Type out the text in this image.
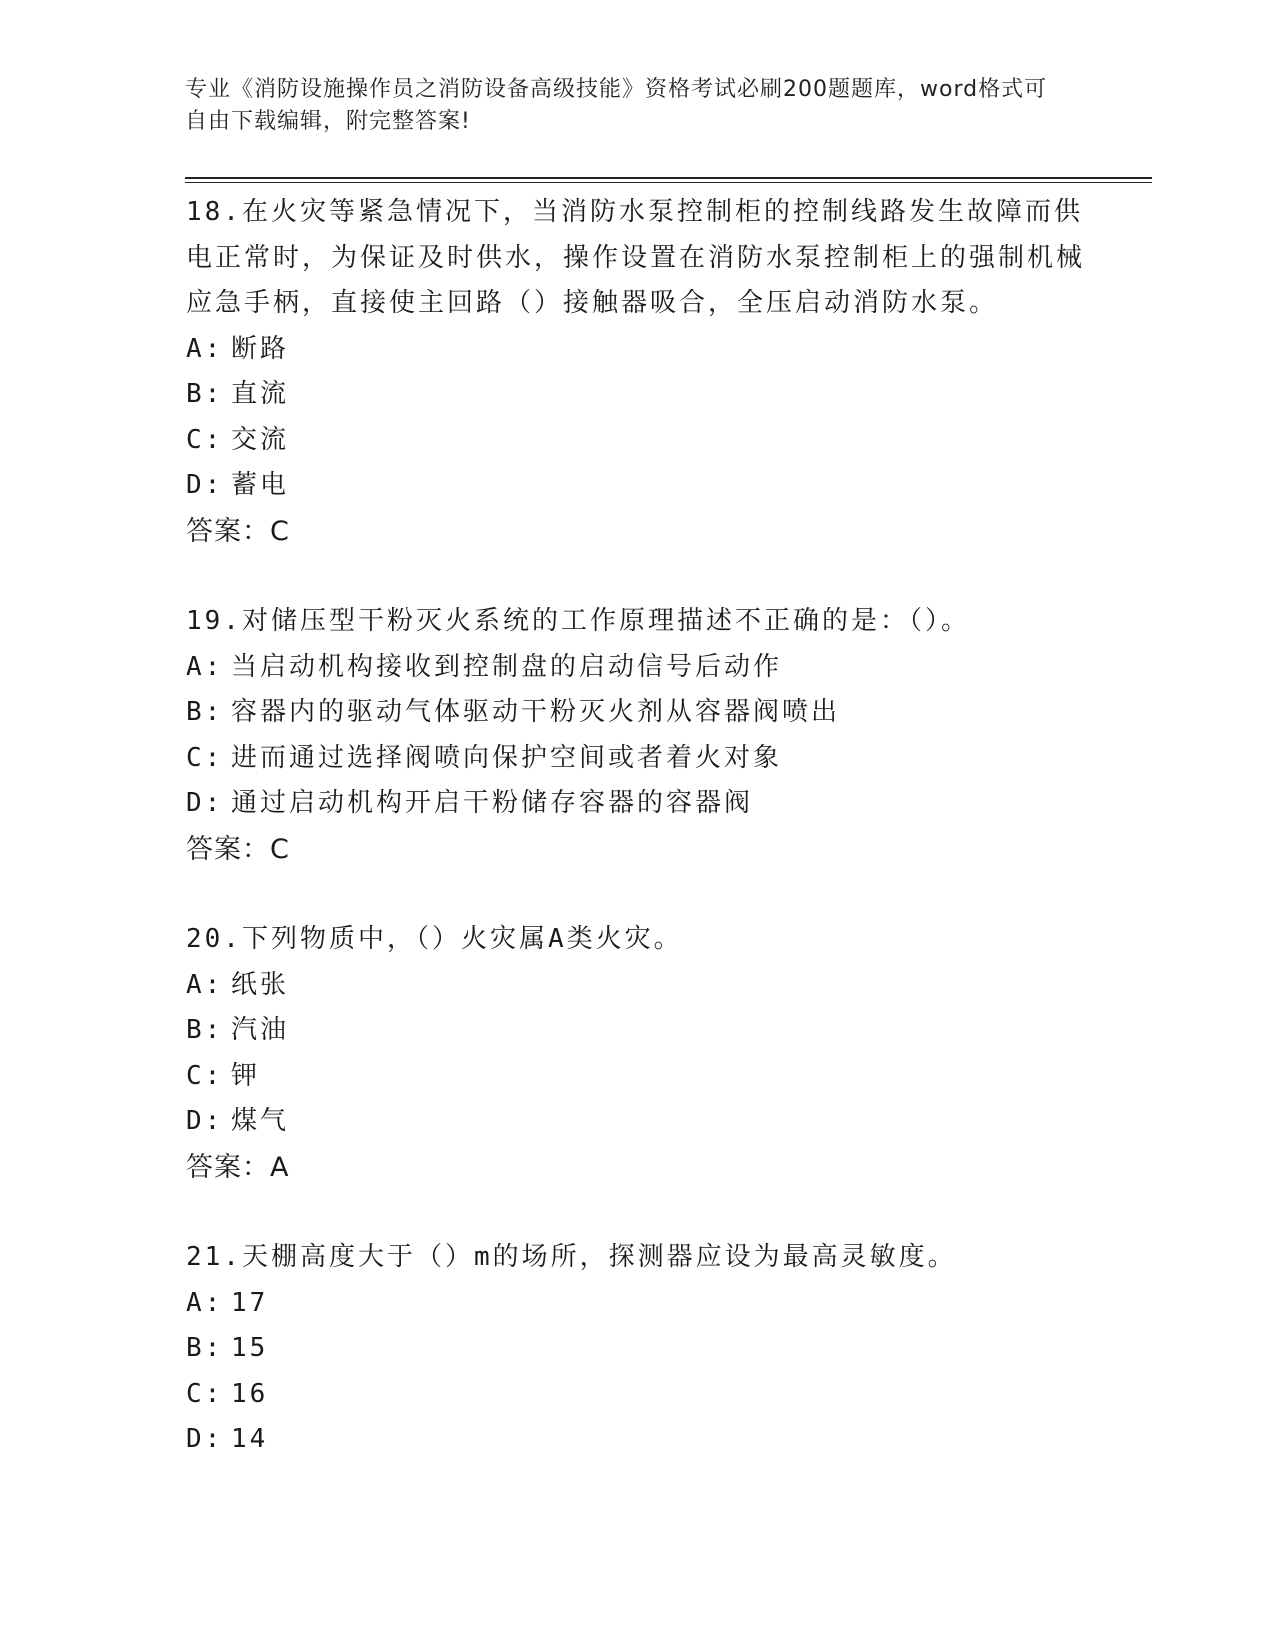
专业《消防设施操作员之消防设备高级技能》资格考试必刷200题题库，word格式可自由下载编辑，附完整答案!

18.在火灾等紧急情况下，当消防水泵控制柜的控制线路发生故障而供电正常时，为保证及时供水，操作设置在消防水泵控制柜上的强制机械应急手柄，直接使主回路（）接触器吸合，全压启动消防水泵。

A: 断路
B: 直流
C: 交流
D: 蓄电

答案：C

19.对储压型干粉灭火系统的工作原理描述不正确的是：（）。

A: 当启动机构接收到控制盘的启动信号后动作
B: 容器内的驱动气体驱动干粉灭火剂从容器阀喷出
C: 进而通过选择阀喷向保护空间或者着火对象
D: 通过启动机构开启干粉储存容器的容器阀

答案：C

20.下列物质中，（）火灾属A类火灾。

A: 纸张
B: 汽油
C: 钾
D: 煤气

答案：A

21.天棚高度大于（）m的场所，探测器应设为最高灵敏度。

A: 17
B: 15
C: 16
D: 14
